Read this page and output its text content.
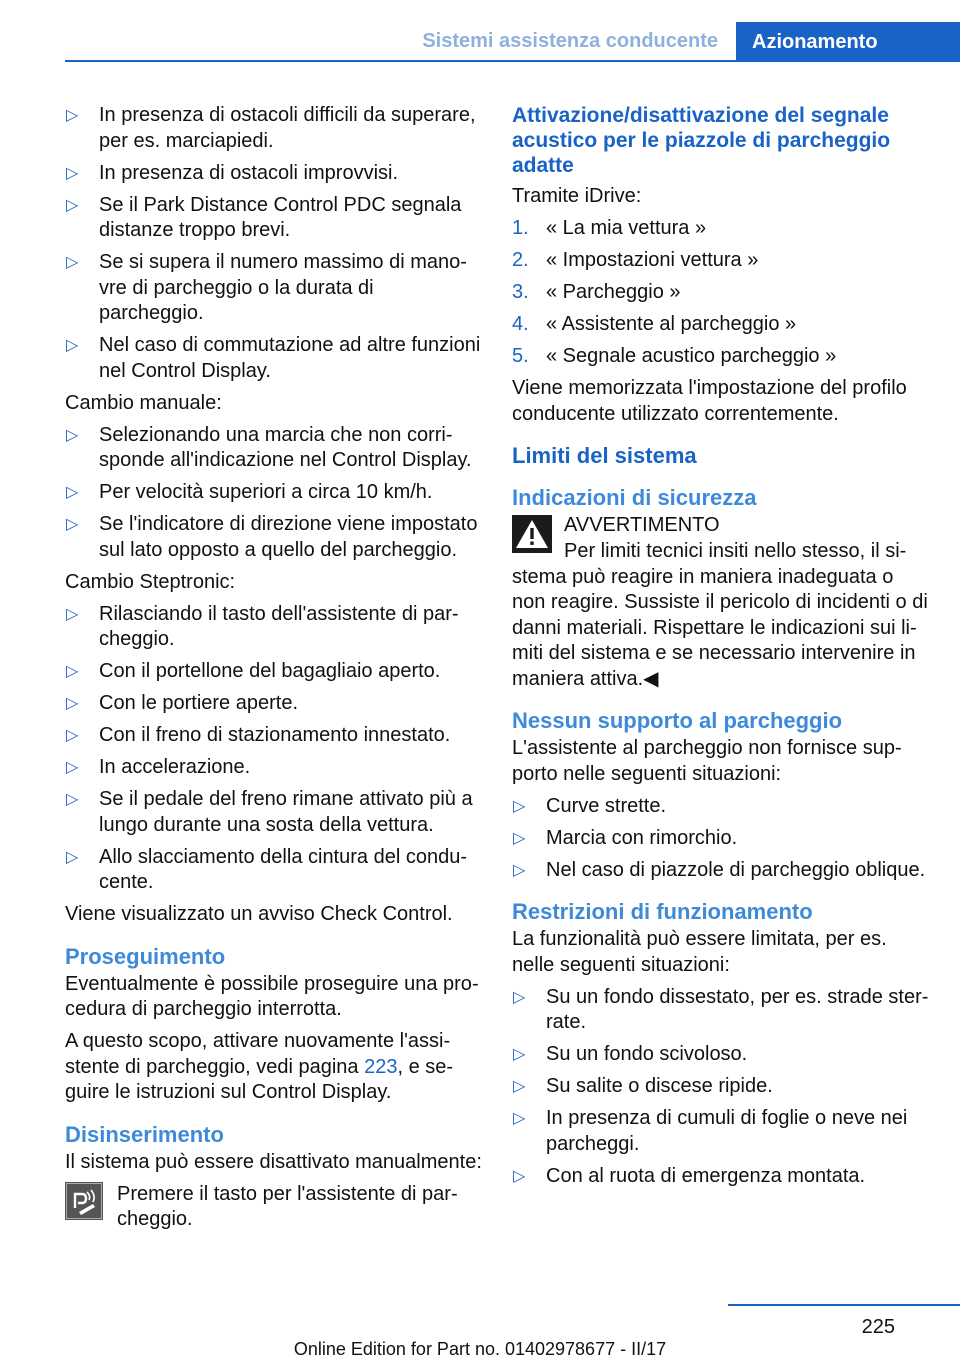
Sistemi assistenza conducente	Azionamento
▷ In presenza di ostacoli difficili da superare, per es. marciapiedi.
▷ In presenza di ostacoli improvvisi.
▷ Se il Park Distance Control PDC segnala distanze troppo brevi.
▷ Se si supera il numero massimo di manovre di parcheggio o la durata di parcheggio.
▷ Nel caso di commutazione ad altre funzioni nel Control Display.

Cambio manuale:

▷ Selezionando una marcia che non corrisponde all'indicazione nel Control Display.
▷ Per velocità superiori a circa 10 km/h.
▷ Se l'indicatore di direzione viene impostato sul lato opposto a quello del parcheggio.

Cambio Steptronic:

▷ Rilasciando il tasto dell'assistente di parcheggio.
▷ Con il portellone del bagagliaio aperto.
▷ Con le portiere aperte.
▷ Con il freno di stazionamento innestato.
▷ In accelerazione.
▷ Se il pedale del freno rimane attivato più a lungo durante una sosta della vettura.
▷ Allo slacciamento della cintura del conducente.

Viene visualizzato un avviso Check Control.

Proseguimento

Eventualmente è possibile proseguire una procedura di parcheggio interrotta.

A questo scopo, attivare nuovamente l'assistente di parcheggio, vedi pagina 223, e seguire le istruzioni sul Control Display.

Disinserimento

Il sistema può essere disattivato manualmente:

Premere il tasto per l'assistente di parcheggio.
Attivazione/disattivazione del segnale acustico per le piazzole di parcheggio adatte

Tramite iDrive:

1. « La mia vettura »
2. « Impostazioni vettura »
3. « Parcheggio »
4. « Assistente al parcheggio »
5. « Segnale acustico parcheggio »

Viene memorizzata l'impostazione del profilo conducente utilizzato correntemente.

Limiti del sistema
Indicazioni di sicurezza
AVVERTIMENTO

Per limiti tecnici insiti nello stesso, il sistema può reagire in maniera inadeguata o non reagire. Sussiste il pericolo di incidenti o di danni materiali. Rispettare le indicazioni sui limiti del sistema e se necessario intervenire in maniera attiva.◀

Nessun supporto al parcheggio

L'assistente al parcheggio non fornisce supporto nelle seguenti situazioni:

▷ Curve strette.
▷ Marcia con rimorchio.
▷ Nel caso di piazzole di parcheggio oblique.
Restrizioni di funzionamento

La funzionalità può essere limitata, per es. nelle seguenti situazioni:

▷ Su un fondo dissestato, per es. strade sterrate.
▷ Su un fondo scivoloso.
▷ Su salite o discese ripide.
▷ In presenza di cumuli di foglie o neve nei parcheggi.
▷ Con al ruota di emergenza montata.
225
Online Edition for Part no. 01402978677 - II/17
